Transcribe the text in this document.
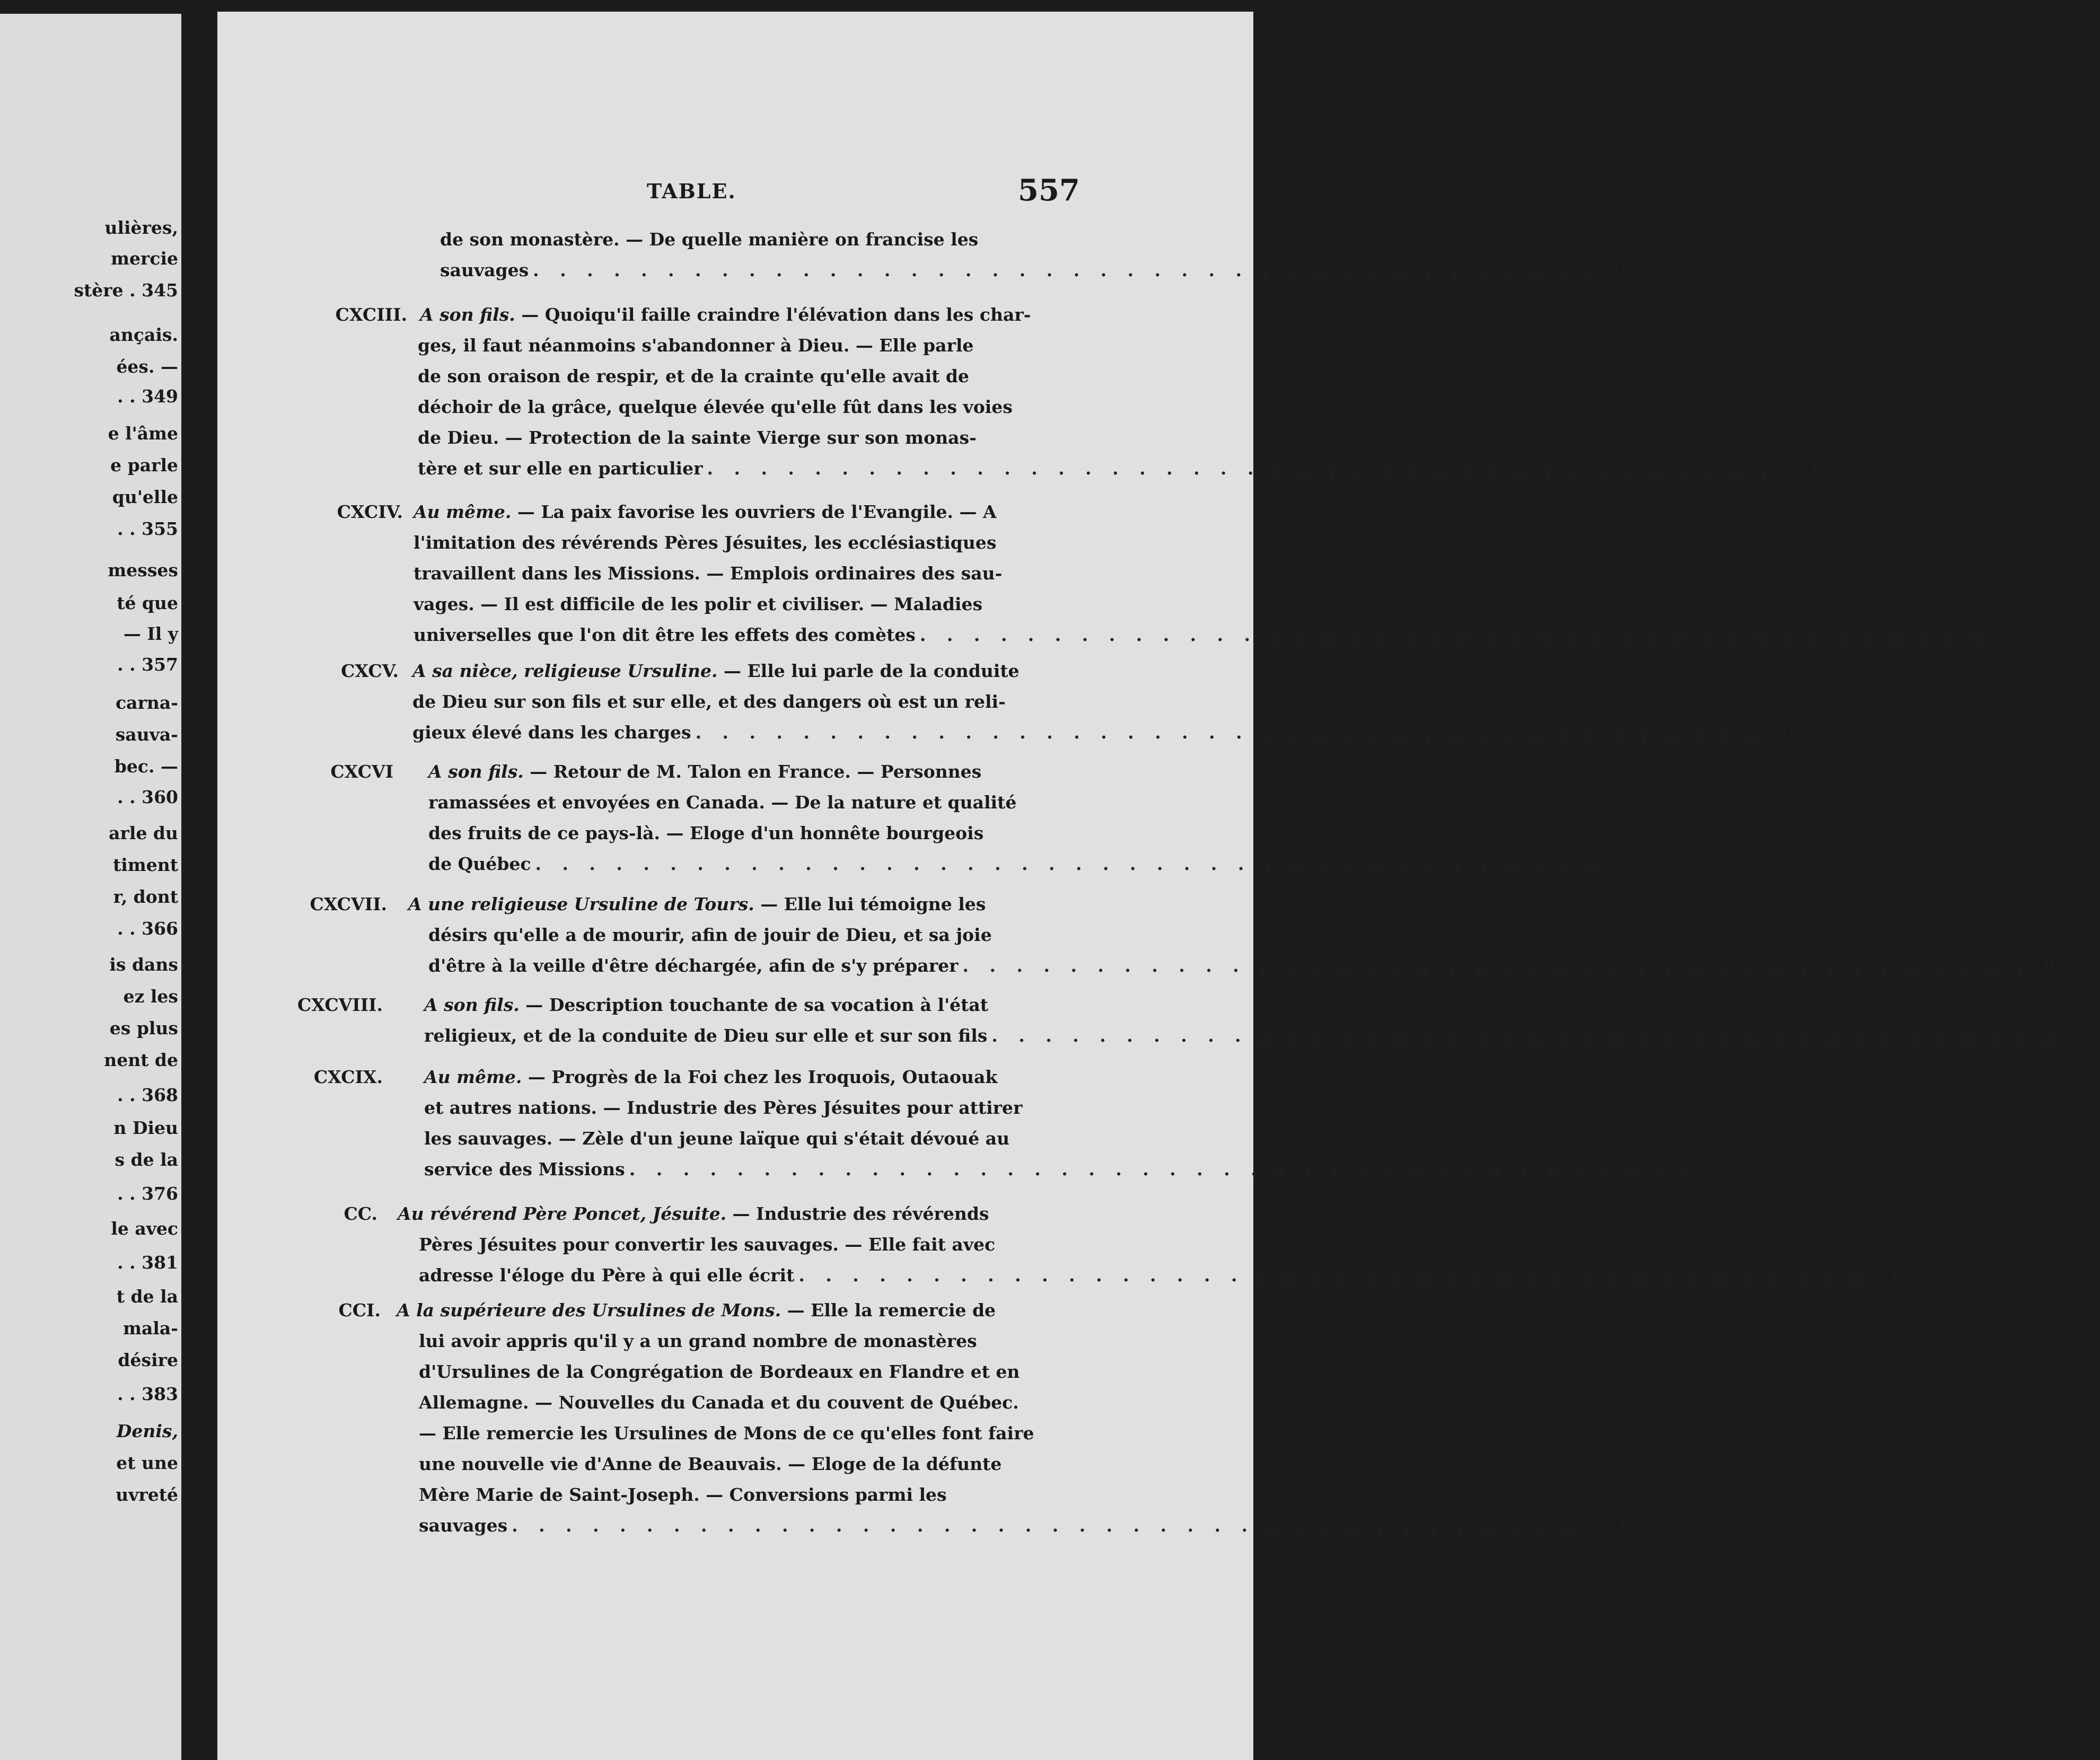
ulières,
mercie
stère . 345
ançais.
ées. —
. . 349
e l'âme
e parle
qu'elle
. . 355
messes
té que
— Il y
. . 357
carna-
sauva-
bec. —
. . 360
arle du
timent
r, dont
. . 366
is dans
ez les
es plus
nent de
. . 368
n Dieu
s de la
. . 376
le avec
. . 381
t de la
mala-
désire
. . 383
Denis,
et une
uvreté
TABLE.	557
de son monastère. — De quelle manière on francise les
sauvages . . . . . . . . . . . . . . . . . . . . . . . . . . . . . . . . . . . . . . . . 387
CXCIII. A son fils. — Quoiqu'il faille craindre l'élévation dans les char-
ges, il faut néanmoins s'abandonner à Dieu. — Elle parle
de son oraison de respir, et de la crainte qu'elle avait de
déchoir de la grâce, quelque élevée qu'elle fût dans les voies
de Dieu. — Protection de la sainte Vierge sur son monas-
tère et sur elle en particulier . . . . . . . . . . . . . . . . . . . . . . . . . . . . . . . . . . . . . . . . 391
CXCIV. Au même. — La paix favorise les ouvriers de l'Evangile. — A
l'imitation des révérends Pères Jésuites, les ecclésiastiques
travaillent dans les Missions. — Emplois ordinaires des sau-
vages. — Il est difficile de les polir et civiliser. — Maladies
universelles que l'on dit être les effets des comètes . . . . . . . . . . . . . . . . . . . . . . . . . . . . . . . . . . . . . . . . 395
CXCV. A sa nièce, religieuse Ursuline. — Elle lui parle de la conduite
de Dieu sur son fils et sur elle, et des dangers où est un reli-
gieux élevé dans les charges . . . . . . . . . . . . . . . . . . . . . . . . . . . . . . . . . . . . . . . . 398
CXCVI A son fils. — Retour de M. Talon en France. — Personnes
ramassées et envoyées en Canada. — De la nature et qualité
des fruits de ce pays-là. — Eloge d'un honnête bourgeois
de Québec . . . . . . . . . . . . . . . . . . . . . . . . . . . . . . . . . . . . . . . . 401
CXCVII. A une religieuse Ursuline de Tours. — Elle lui témoigne les
désirs qu'elle a de mourir, afin de jouir de Dieu, et sa joie
d'être à la veille d'être déchargée, afin de s'y préparer . . . . . . . . . . . . . . . . . . . . . . . . . . . . . . . . . . . . . . . . 406
CXCVIII. A son fils. — Description touchante de sa vocation à l'état
religieux, et de la conduite de Dieu sur elle et sur son fils . . . . . . . . . . . . . . . . . . . . . . . . . . . . . . . . . . . . . . . . 407
CXCIX. Au même. — Progrès de la Foi chez les Iroquois, Outaouak
et autres nations. — Industrie des Pères Jésuites pour attirer
les sauvages. — Zèle d'un jeune laïque qui s'était dévoué au
service des Missions . . . . . . . . . . . . . . . . . . . . . . . . . . . . . . . . . . . . . . . . 411
CC. Au révérend Père Poncet, Jésuite. — Industrie des révérends
Pères Jésuites pour convertir les sauvages. — Elle fait avec
adresse l'éloge du Père à qui elle écrit . . . . . . . . . . . . . . . . . . . . . . . . . . . . . . . . . . . . . . . . 417
CCI. A la supérieure des Ursulines de Mons. — Elle la remercie de
lui avoir appris qu'il y a un grand nombre de monastères
d'Ursulines de la Congrégation de Bordeaux en Flandre et en
Allemagne. — Nouvelles du Canada et du couvent de Québec.
— Elle remercie les Ursulines de Mons de ce qu'elles font faire
une nouvelle vie d'Anne de Beauvais. — Eloge de la défunte
Mère Marie de Saint-Joseph. — Conversions parmi les
sauvages . . . . . . . . . . . . . . . . . . . . . . . . . . . . . . . . . . . . . . . . 419
